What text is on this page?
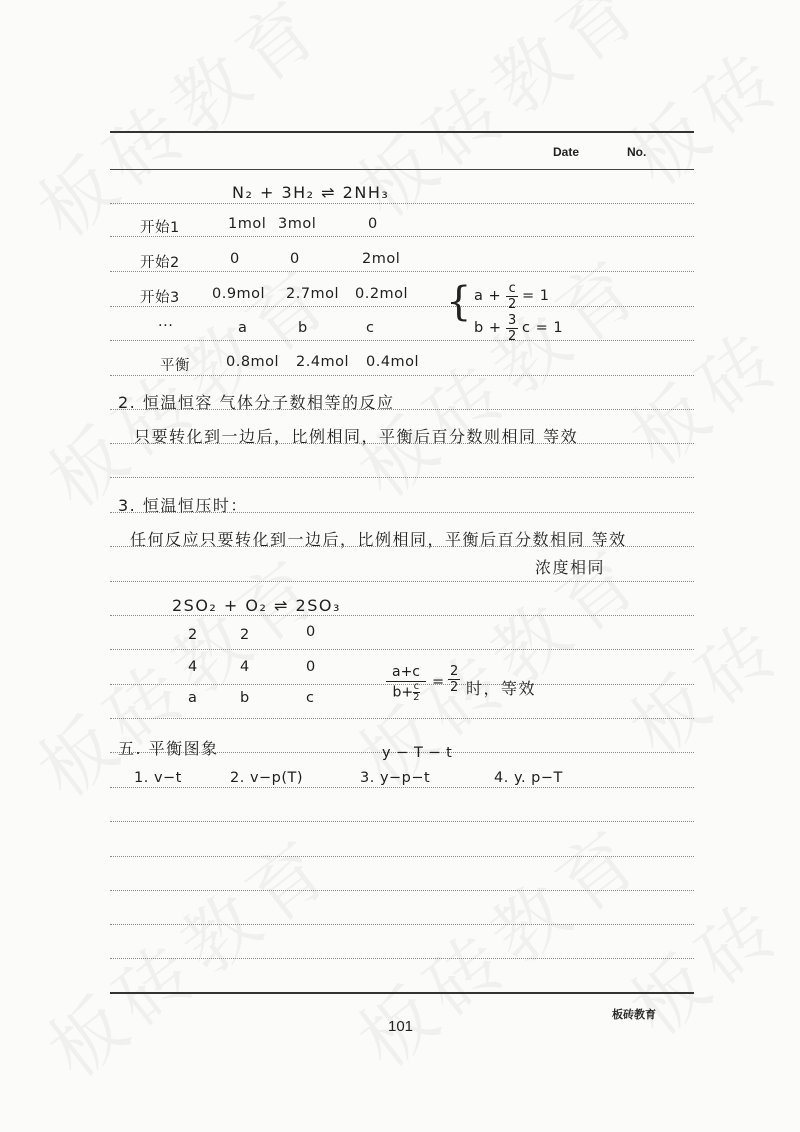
Date	No.
N₂ + 3H₂ ⇌ 2NH₃
开始1	1mol 3mol	0
开始2	0	0	2mol
开始3 0.9mol 2.7mol 0.2mol
···	a	b	c
平衡 0.8mol 2.4mol 0.4mol
{ $a + \frac{c}{2} = 1$
$b + \frac{3}{2}$ c = 1
2. 恒温恒容 气体分子数相等的反应
只要转化到一边后，比例相同，平衡后百分数则相同 等效
3. 恒温恒压时：
任何反应只要转化到一边后，比例相同，平衡后百分数相同 等效
浓度相同
2SO₂ + O₂ ⇌ 2SO₃
2	2	0
4	4	0
a	b	c	$\frac{a+c}{b+ \frac{c}{2}} = \frac{2}{2}$ 时，等效
五. 平衡图象	y − T − t
1. v−t	2. v−p(T)	3. y−p−t	4. y. p−T
板砖教育
101
